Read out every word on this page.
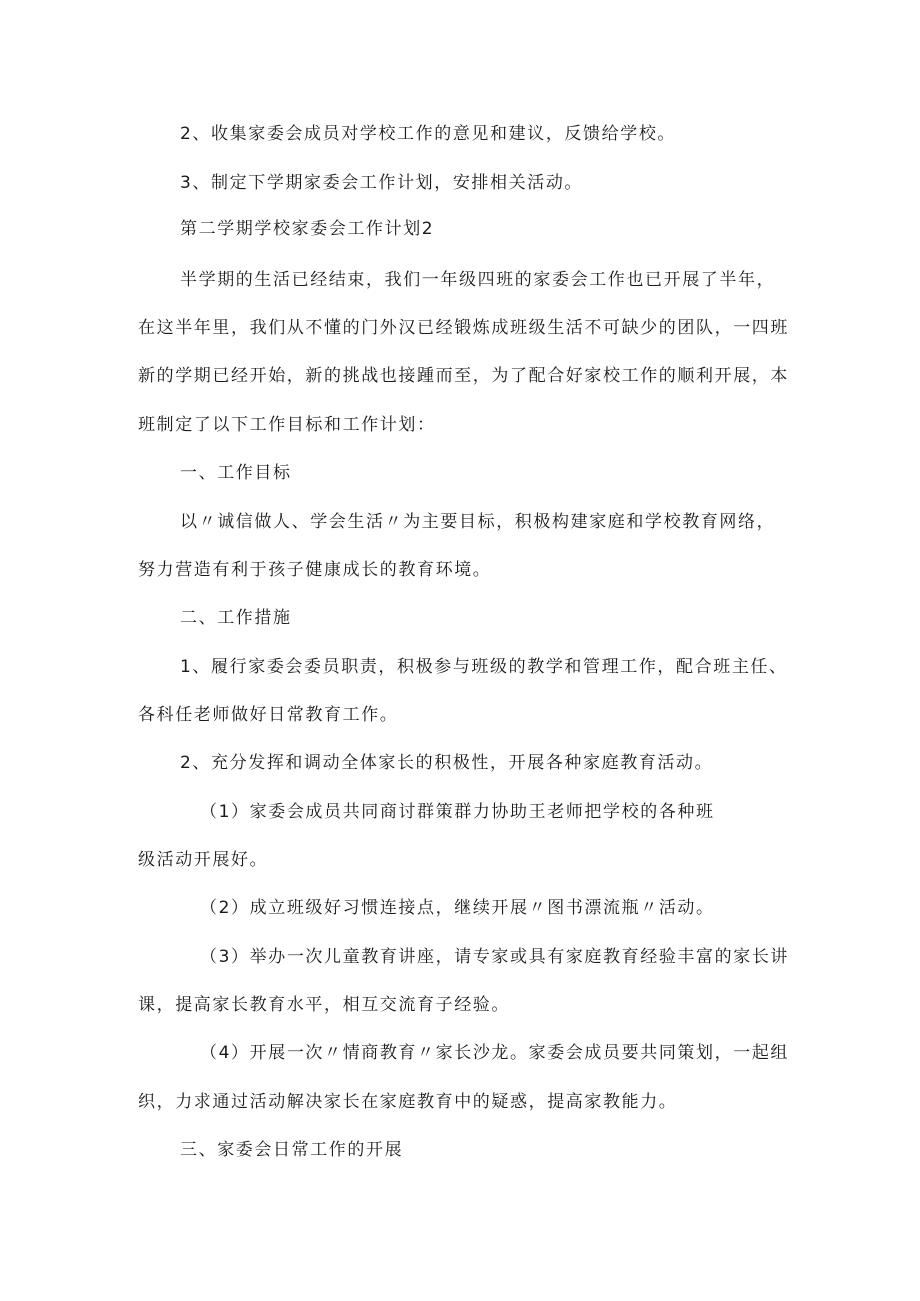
2、收集家委会成员对学校工作的意见和建议，反馈给学校。
3、制定下学期家委会工作计划，安排相关活动。
第二学期学校家委会工作计划2
半学期的生活已经结束，我们一年级四班的家委会工作也已开展了半年，
在这半年里，我们从不懂的门外汉已经锻炼成班级生活不可缺少的团队，一四班
新的学期已经开始，新的挑战也接踵而至，为了配合好家校工作的顺利开展，本
班制定了以下工作目标和工作计划：
一、工作目标
以〃诚信做人、学会生活〃为主要目标，积极构建家庭和学校教育网络，
努力营造有利于孩子健康成长的教育环境。
二、工作措施
1、履行家委会委员职责，积极参与班级的教学和管理工作，配合班主任、
各科任老师做好日常教育工作。
2、充分发挥和调动全体家长的积极性，开展各种家庭教育活动。
（1）家委会成员共同商讨群策群力协助王老师把学校的各种班
级活动开展好。
（2）成立班级好习惯连接点，继续开展〃图书漂流瓶〃活动。
（3）举办一次儿童教育讲座，请专家或具有家庭教育经验丰富的家长讲
课，提高家长教育水平，相互交流育子经验。
（4）开展一次〃情商教育〃家长沙龙。家委会成员要共同策划，一起组
织，力求通过活动解决家长在家庭教育中的疑惑，提高家教能力。
三、家委会日常工作的开展
